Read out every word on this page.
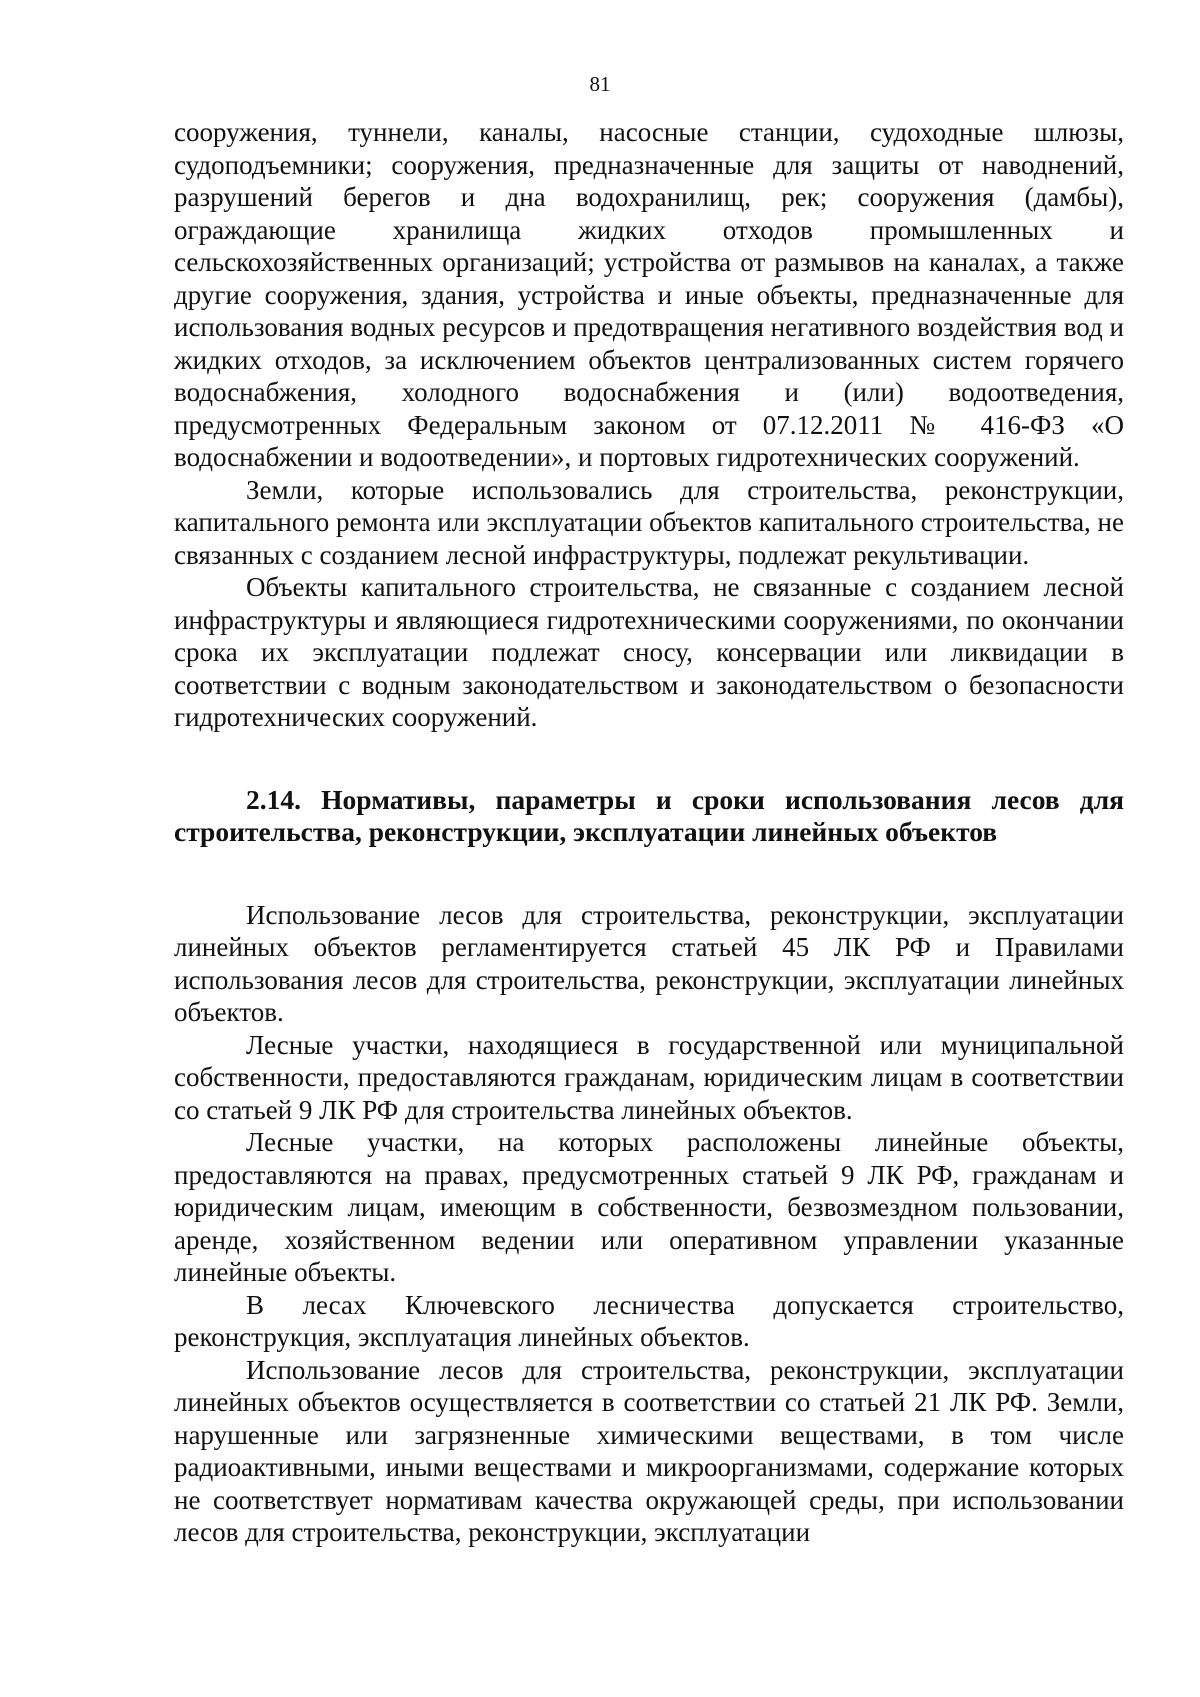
81

сооружения, туннели, каналы, насосные станции, судоходные шлюзы, судоподъемники; сооружения, предназначенные для защиты от наводнений, разрушений берегов и дна водохранилищ, рек; сооружения (дамбы), ограждающие хранилища жидких отходов промышленных и сельскохозяйственных организаций; устройства от размывов на каналах, а также другие сооружения, здания, устройства и иные объекты, предназначенные для использования водных ресурсов и предотвращения негативного воздействия вод и жидких отходов, за исключением объектов централизованных систем горячего водоснабжения, холодного водоснабжения и (или) водоотведения, предусмотренных Федеральным законом от 07.12.2011 № 416-ФЗ «О водоснабжении и водоотведении», и портовых гидротехнических сооружений.

Земли, которые использовались для строительства, реконструкции, капитального ремонта или эксплуатации объектов капитального строительства, не связанных с созданием лесной инфраструктуры, подлежат рекультивации.

Объекты капитального строительства, не связанные с созданием лесной инфраструктуры и являющиеся гидротехническими сооружениями, по окончании срока их эксплуатации подлежат сносу, консервации или ликвидации в соответствии с водным законодательством и законодательством о безопасности гидротехнических сооружений.

2.14. Нормативы, параметры и сроки использования лесов для строительства, реконструкции, эксплуатации линейных объектов

Использование лесов для строительства, реконструкции, эксплуатации линейных объектов регламентируется статьей 45 ЛК РФ и Правилами использования лесов для строительства, реконструкции, эксплуатации линейных объектов.

Лесные участки, находящиеся в государственной или муниципальной собственности, предоставляются гражданам, юридическим лицам в соответствии со статьей 9 ЛК РФ для строительства линейных объектов.

Лесные участки, на которых расположены линейные объекты, предоставляются на правах, предусмотренных статьей 9 ЛК РФ, гражданам и юридическим лицам, имеющим в собственности, безвозмездном пользовании, аренде, хозяйственном ведении или оперативном управлении указанные линейные объекты.

В лесах Ключевского лесничества допускается строительство, реконструкция, эксплуатация линейных объектов.

Использование лесов для строительства, реконструкции, эксплуатации линейных объектов осуществляется в соответствии со статьей 21 ЛК РФ. Земли, нарушенные или загрязненные химическими веществами, в том числе радиоактивными, иными веществами и микроорганизмами, содержание которых не соответствует нормативам качества окружающей среды, при использовании лесов для строительства, реконструкции, эксплуатации
